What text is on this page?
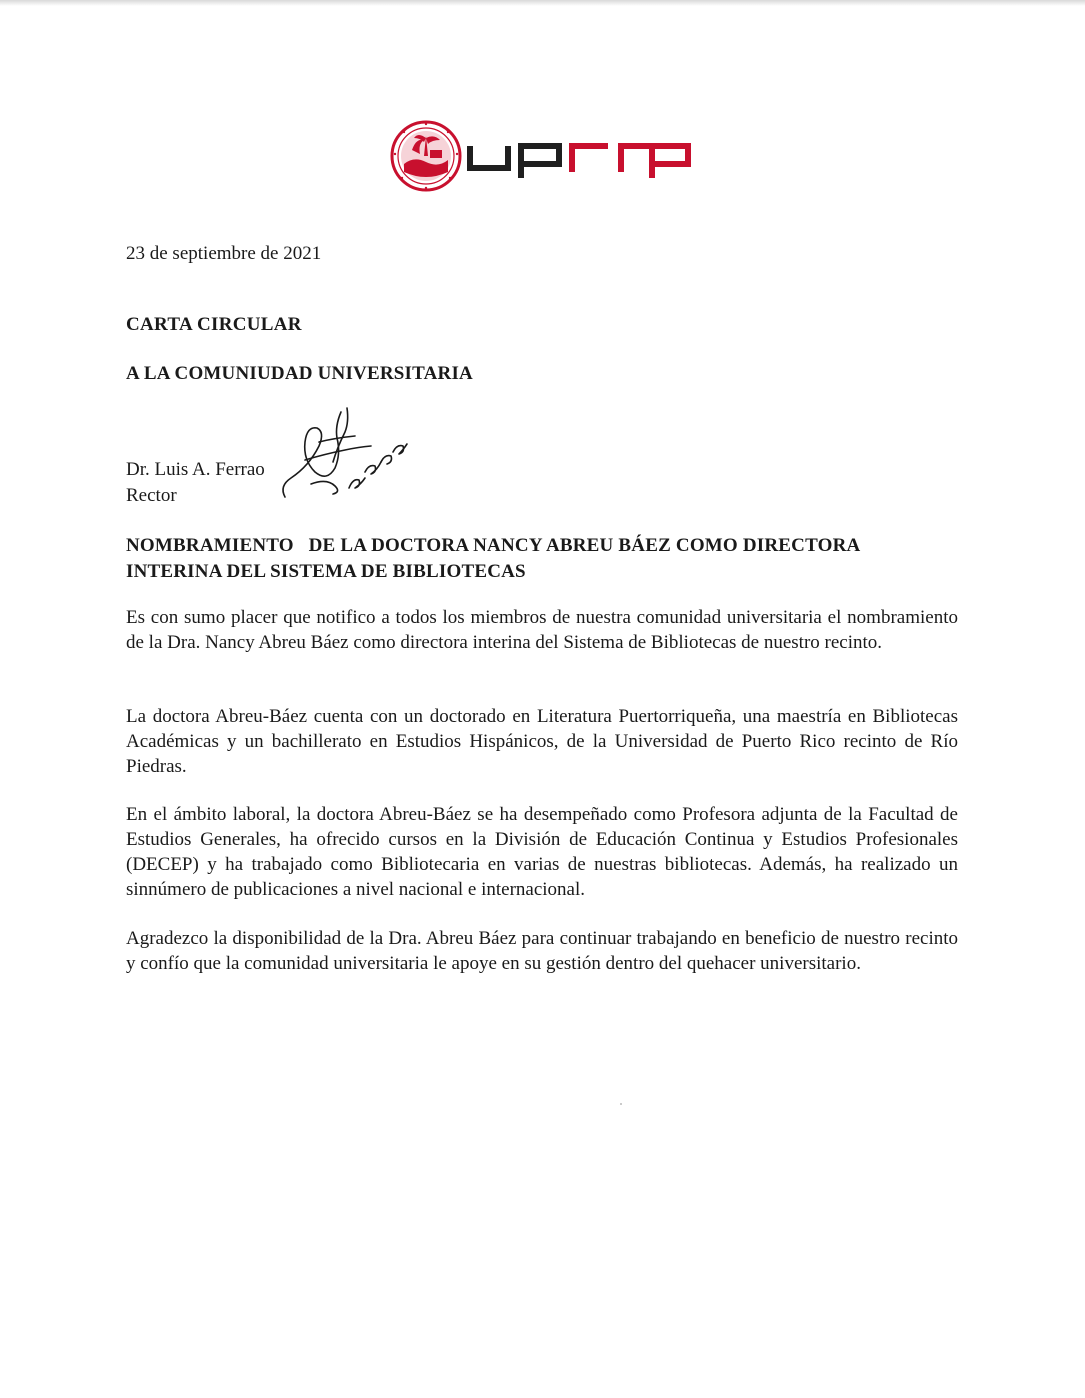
23 de septiembre de 2021
CARTA CIRCULAR
A LA COMUNIUDAD UNIVERSITARIA
Dr. Luis A. Ferrao
Rector
NOMBRAMIENTO   DE LA DOCTORA NANCY ABREU BÁEZ COMO DIRECTORA INTERINA DEL SISTEMA DE BIBLIOTECAS
Es con sumo placer que notifico a todos los miembros de nuestra comunidad universitaria el nombramiento de la Dra. Nancy Abreu Báez como directora interina del Sistema de Bibliotecas de nuestro recinto.
La doctora Abreu-Báez cuenta con un doctorado en Literatura Puertorriqueña, una maestría en Bibliotecas Académicas y un bachillerato en Estudios Hispánicos, de la Universidad de Puerto Rico recinto de Río Piedras.
En el ámbito laboral, la doctora Abreu-Báez se ha desempeñado como Profesora adjunta de la Facultad de Estudios Generales, ha ofrecido cursos en la División de Educación Continua y Estudios Profesionales (DECEP) y ha trabajado como Bibliotecaria en varias de nuestras bibliotecas. Además, ha realizado un sinnúmero de publicaciones a nivel nacional e internacional.
Agradezco la disponibilidad de la Dra. Abreu Báez para continuar trabajando en beneficio de nuestro recinto y confío que la comunidad universitaria le apoye en su gestión dentro del quehacer universitario.
